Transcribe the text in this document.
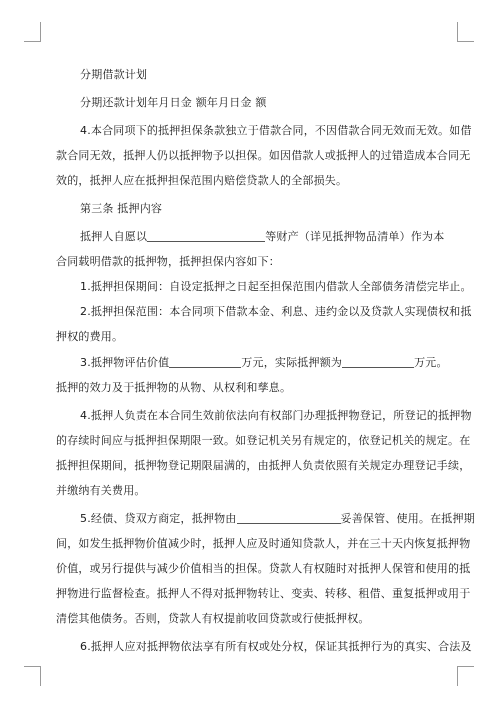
分期借款计划
分期还款计划年月日金 额年月日金 额
4.本合同项下的抵押担保条款独立于借款合同，不因借款合同无效而无效。如借
款合同无效，抵押人仍以抵押物予以担保。如因借款人或抵押人的过错造成本合同无
效的，抵押人应在抵押担保范围内赔偿贷款人的全部损失。
第三条 抵押内容
抵押人自愿以	等财产（详见抵押物品清单）作为本
合同载明借款的抵押物，抵押担保内容如下：
1.抵押担保期间：自设定抵押之日起至担保范围内借款人全部债务清偿完毕止。
2.抵押担保范围：本合同项下借款本金、利息、违约金以及贷款人实现债权和抵
押权的费用。
3.抵押物评估价值	万元，实际抵押额为	万元。
抵押的效力及于抵押物的从物、从权利和孳息。
4.抵押人负责在本合同生效前依法向有权部门办理抵押物登记，所登记的抵押物
的存续时间应与抵押担保期限一致。如登记机关另有规定的，依登记机关的规定。在
抵押担保期间，抵押物登记期限届满的，由抵押人负责依照有关规定办理登记手续，
并缴纳有关费用。
5.经债、贷双方商定，抵押物由	妥善保管、使用。在抵押期
间，如发生抵押物价值减少时，抵押人应及时通知贷款人，并在三十天内恢复抵押物
价值，或另行提供与减少价值相当的担保。贷款人有权随时对抵押人保管和使用的抵
押物进行监督检查。抵押人不得对抵押物转让、变卖、转移、租借、重复抵押或用于
清偿其他债务。否则，贷款人有权提前收回贷款或行使抵押权。
6.抵押人应对抵押物依法享有所有权或处分权，保证其抵押行为的真实、合法及
